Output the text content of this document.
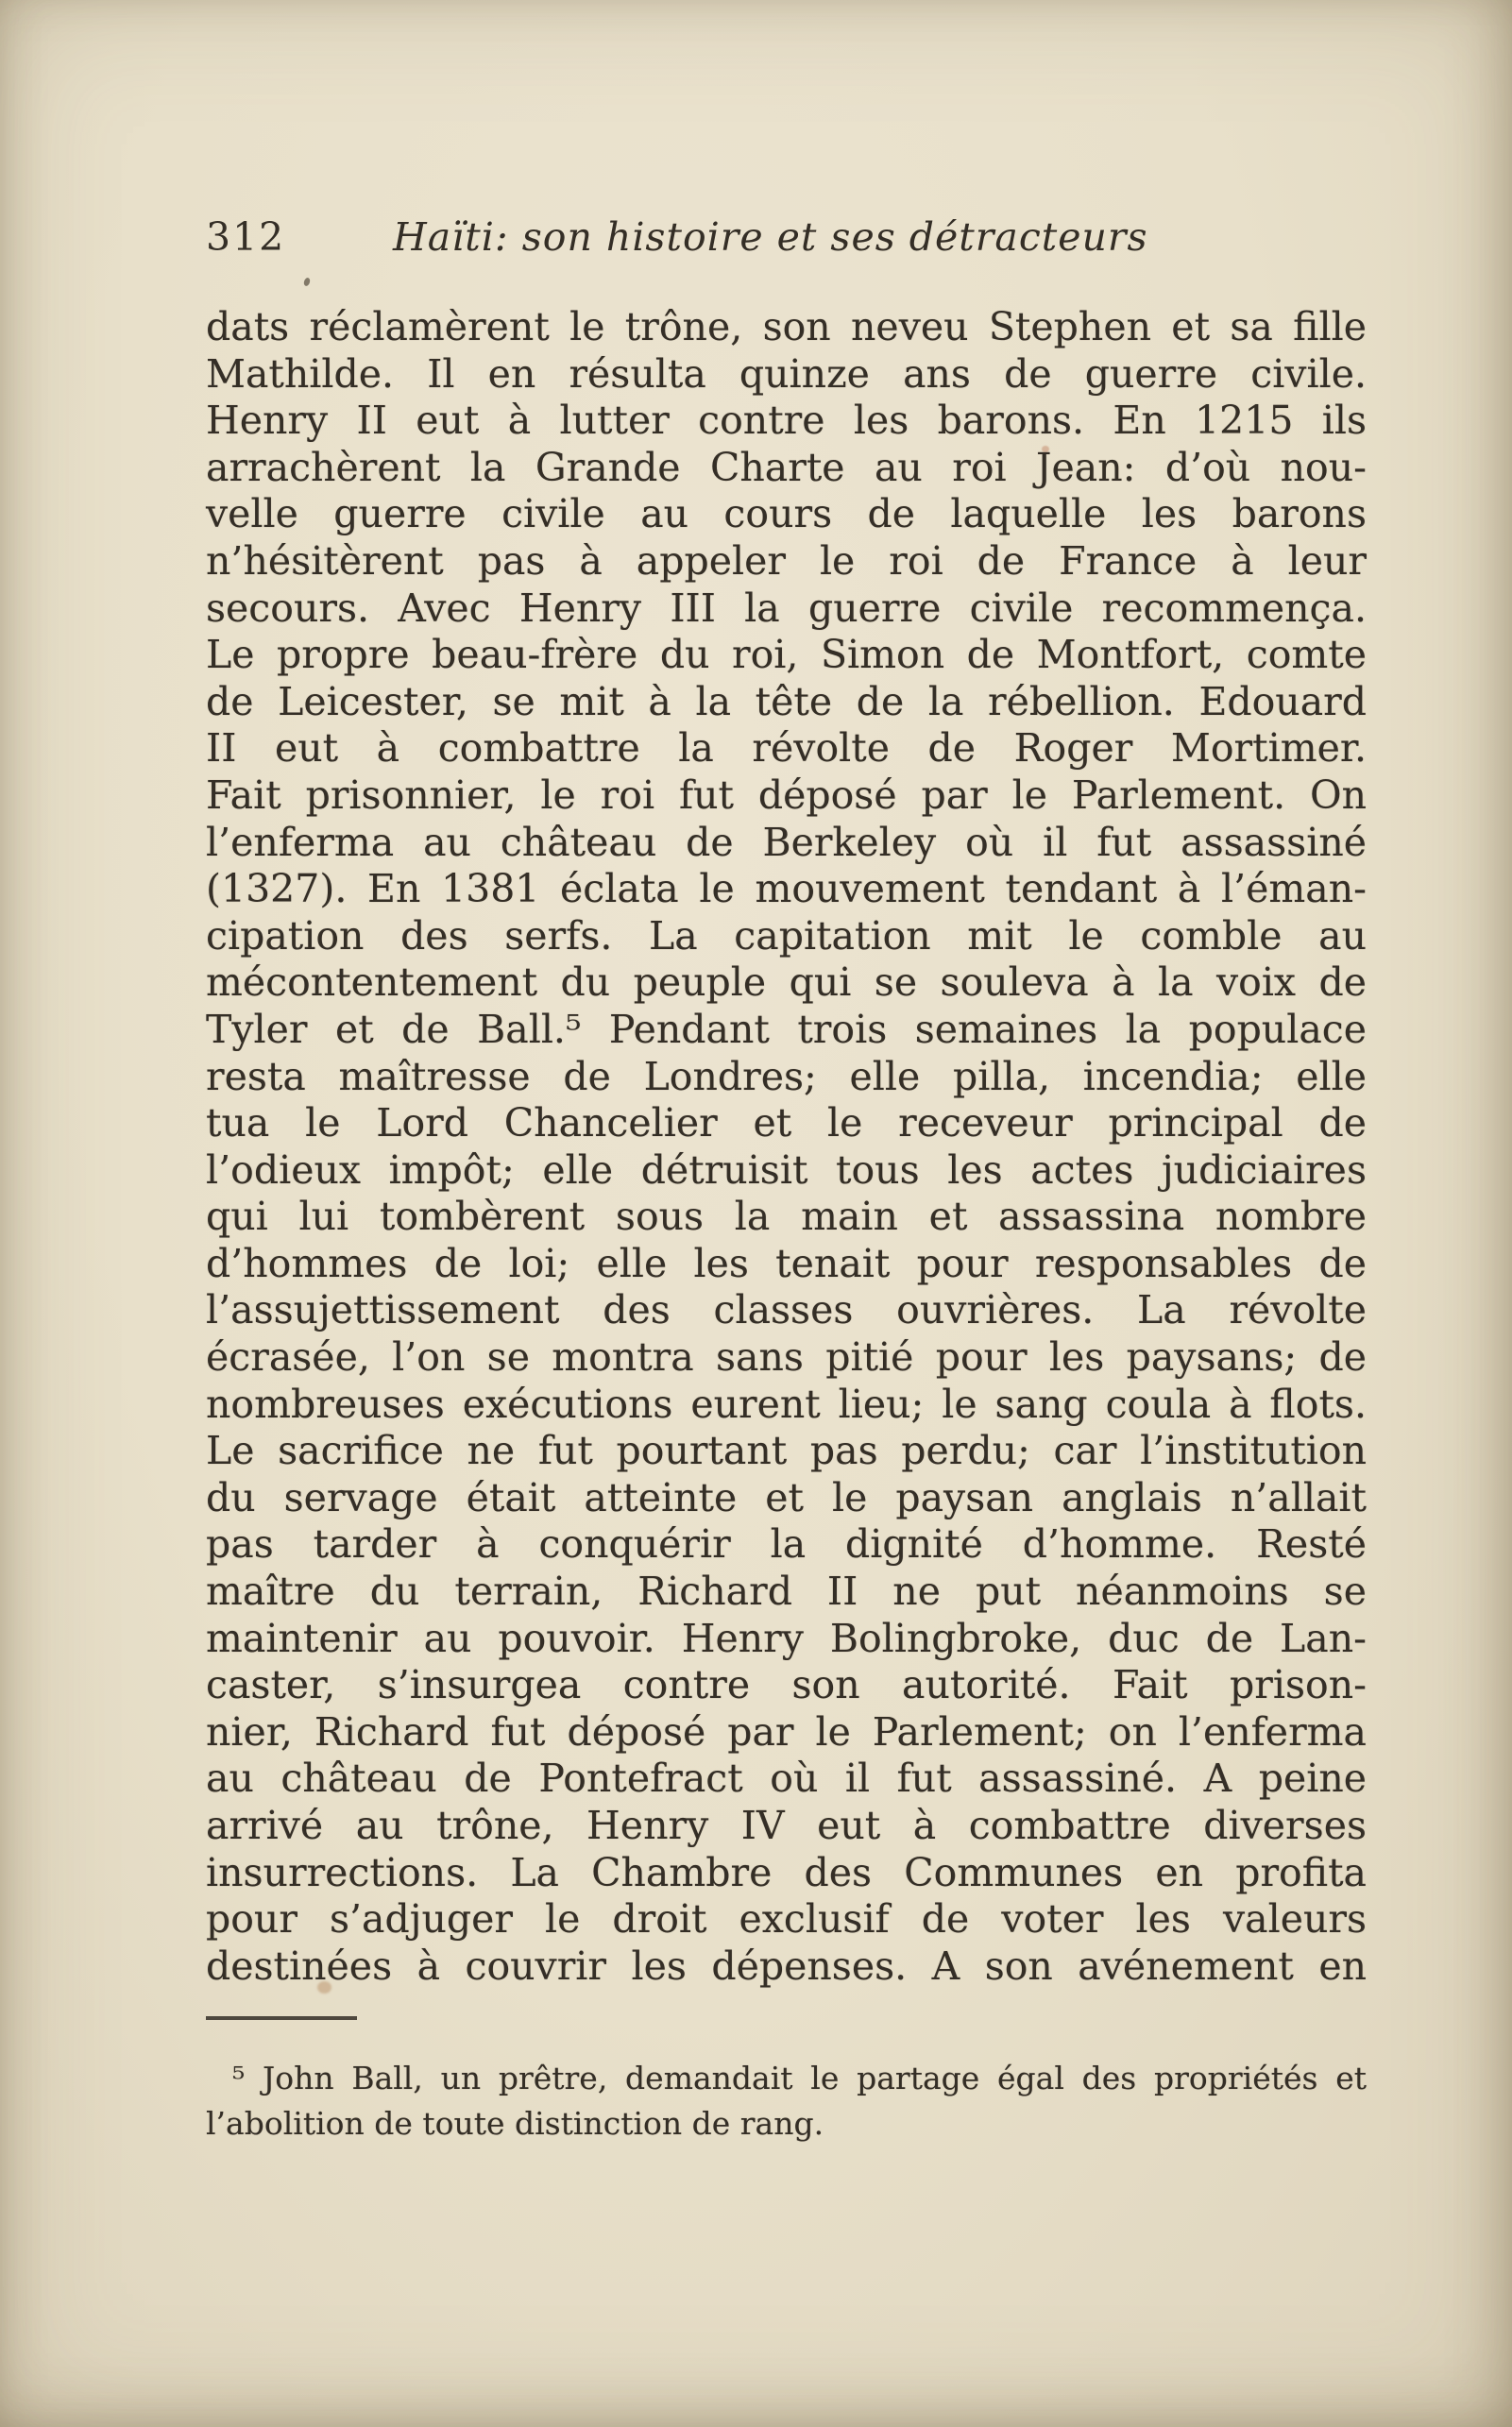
312	Haïti: son histoire et ses détracteurs
dats réclamèrent le trône, son neveu Stephen et sa fille
Mathilde. Il en résulta quinze ans de guerre civile.
Henry II eut à lutter contre les barons. En 1215 ils
arrachèrent la Grande Charte au roi Jean: d’où nou-
velle guerre civile au cours de laquelle les barons
n’hésitèrent pas à appeler le roi de France à leur
secours. Avec Henry III la guerre civile recommença.
Le propre beau-frère du roi, Simon de Montfort, comte
de Leicester, se mit à la tête de la rébellion. Edouard
II eut à combattre la révolte de Roger Mortimer.
Fait prisonnier, le roi fut déposé par le Parlement. On
l’enferma au château de Berkeley où il fut assassiné
(1327). En 1381 éclata le mouvement tendant à l’éman-
cipation des serfs. La capitation mit le comble au
mécontentement du peuple qui se souleva à la voix de
Tyler et de Ball.⁵ Pendant trois semaines la populace
resta maîtresse de Londres; elle pilla, incendia; elle
tua le Lord Chancelier et le receveur principal de
l’odieux impôt; elle détruisit tous les actes judiciaires
qui lui tombèrent sous la main et assassina nombre
d’hommes de loi; elle les tenait pour responsables de
l’assujettissement des classes ouvrières. La révolte
écrasée, l’on se montra sans pitié pour les paysans; de
nombreuses exécutions eurent lieu; le sang coula à flots.
Le sacrifice ne fut pourtant pas perdu; car l’institution
du servage était atteinte et le paysan anglais n’allait
pas tarder à conquérir la dignité d’homme. Resté
maître du terrain, Richard II ne put néanmoins se
maintenir au pouvoir. Henry Bolingbroke, duc de Lan-
caster, s’insurgea contre son autorité. Fait prison-
nier, Richard fut déposé par le Parlement; on l’enferma
au château de Pontefract où il fut assassiné. A peine
arrivé au trône, Henry IV eut à combattre diverses
insurrections. La Chambre des Communes en profita
pour s’adjuger le droit exclusif de voter les valeurs
destinées à couvrir les dépenses. A son avénement en
⁵ John Ball, un prêtre, demandait le partage égal des propriétés et
l’abolition de toute distinction de rang.
